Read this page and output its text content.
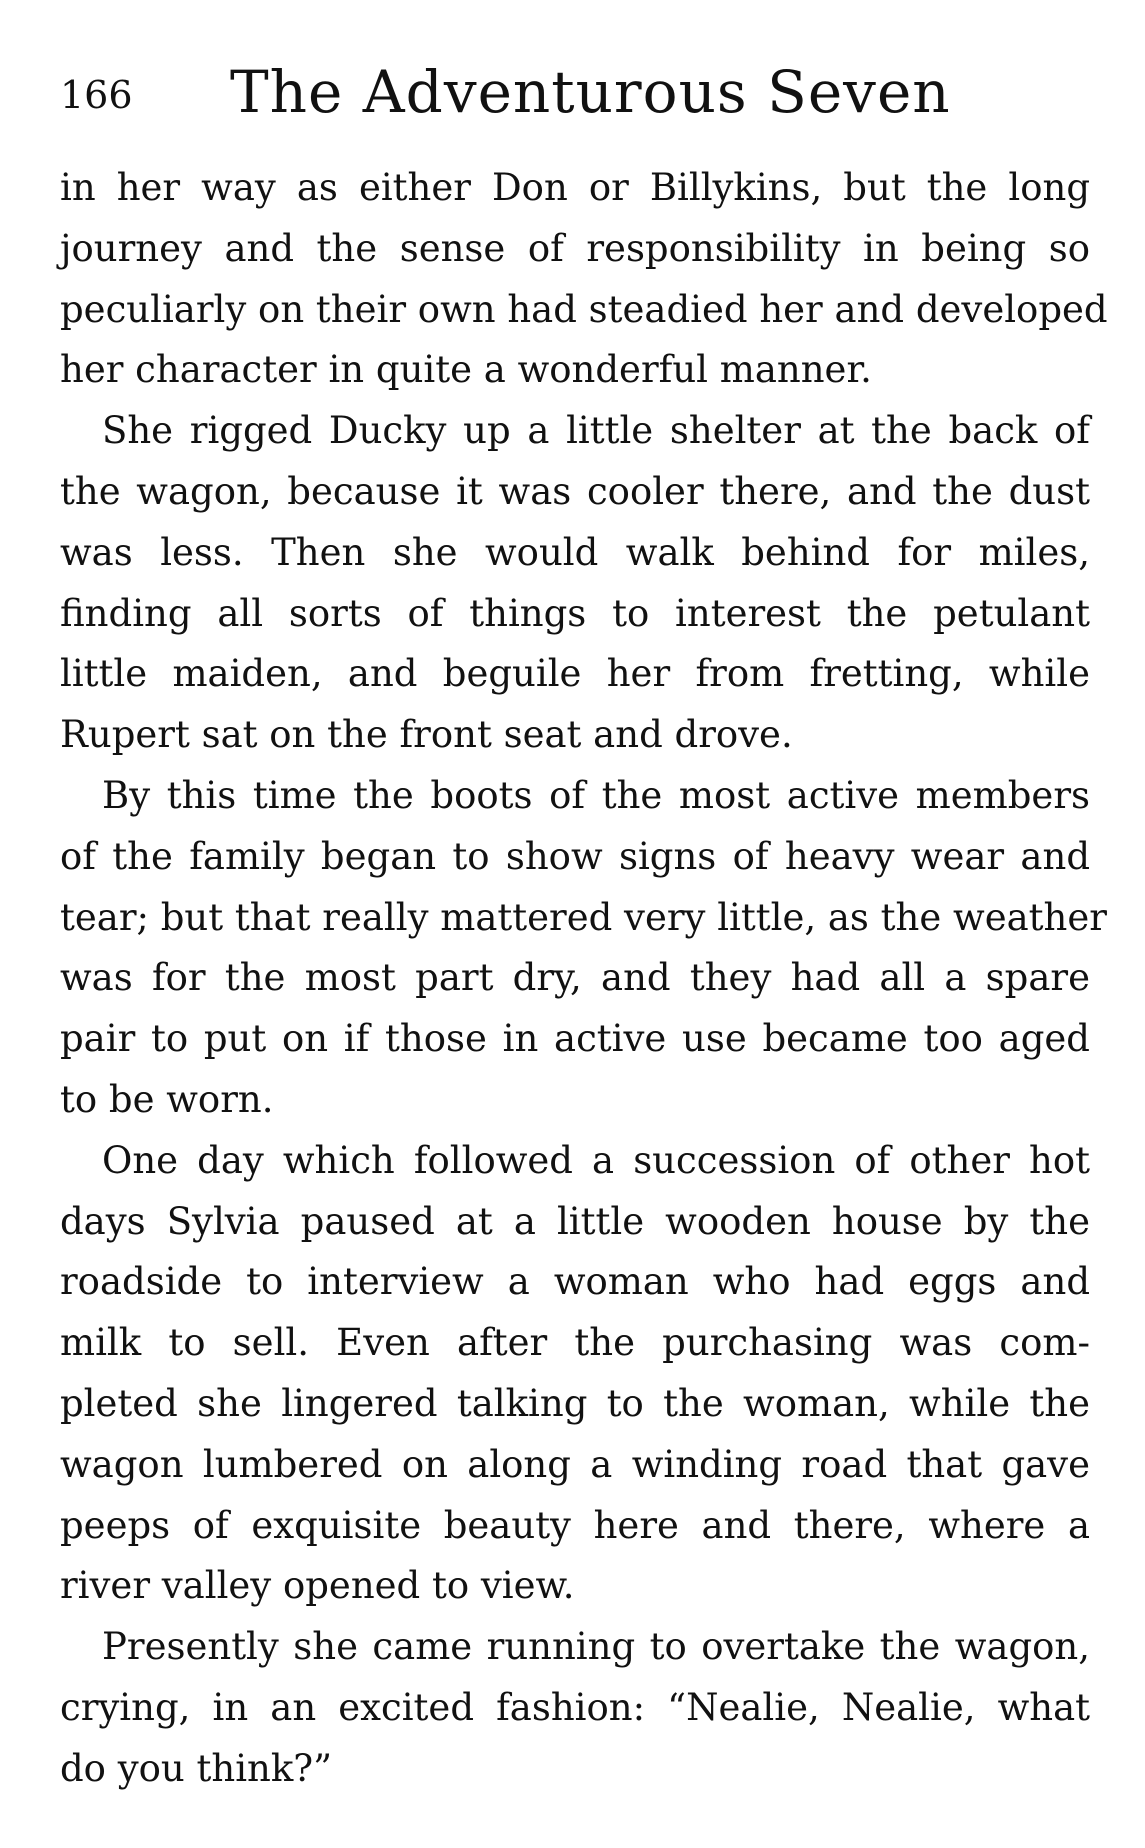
166 The Adventurous Seven

in her way as either Don or Billykins, but the long
journey and the sense of responsibility in being so
peculiarly on their own had steadied her and developed
her character in quite a wonderful manner.

She rigged Ducky up a little shelter at the back of
the wagon, because it was cooler there, and the dust
was less. Then she would walk behind for miles,
finding all sorts of things to interest the petulant
little maiden, and beguile her from fretting, while
Rupert sat on the front seat and drove.

By this time the boots of the most active members
of the family began to show signs of heavy wear and
tear; but that really mattered very little, as the weather
was for the most part dry, and they had all a spare
pair to put on if those in active use became too aged
to be worn.

One day which followed a succession of other hot
days Sylvia paused at a little wooden house by the
roadside to interview a woman who had eggs and
milk to sell. Even after the purchasing was com-
pleted she lingered talking to the woman, while the
wagon lumbered on along a winding road that gave
peeps of exquisite beauty here and there, where a
river valley opened to view.

Presently she came running to overtake the wagon,
crying, in an excited fashion: “Nealie, Nealie, what
do you think?”
